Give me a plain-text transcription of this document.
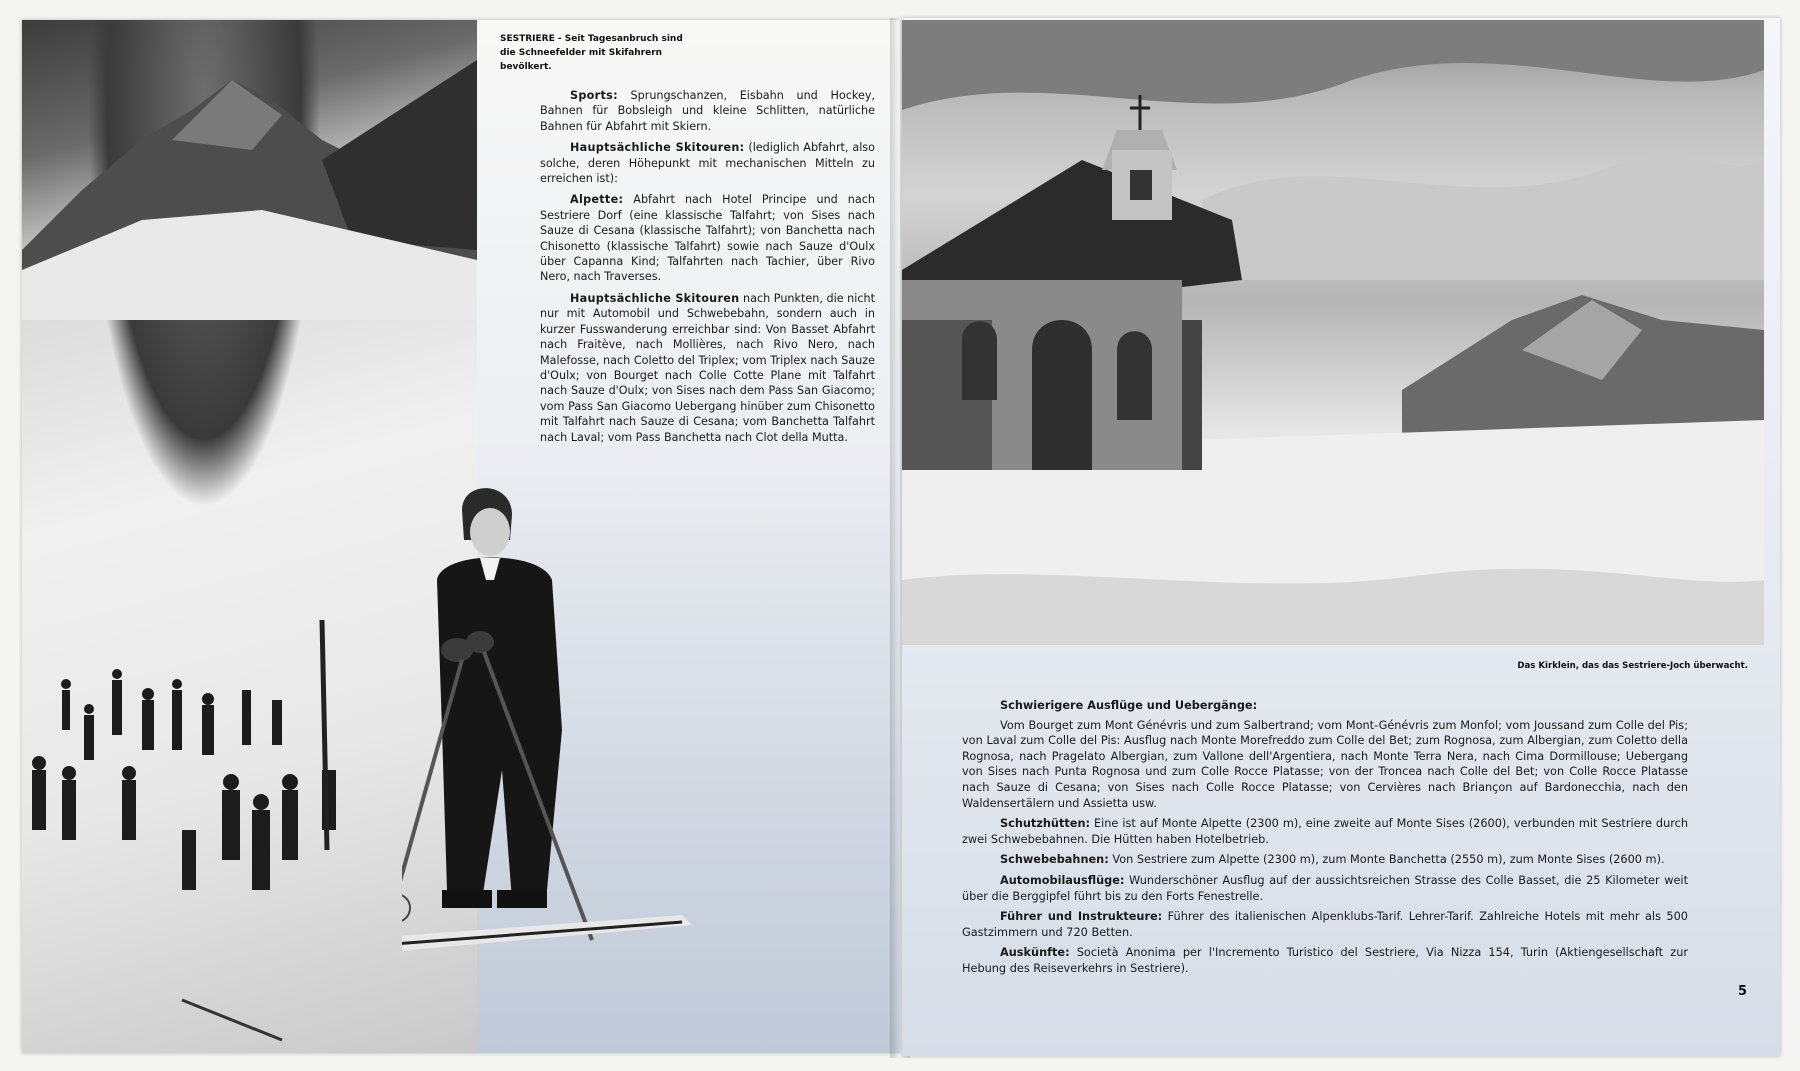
SESTRIERE - Seit Tagesanbruch sind die Schneefelder mit Skifahrern bevölkert.

Sports: Sprungschanzen, Eisbahn und Hockey, Bahnen für Bobsleigh und kleine Schlitten, natürliche Bahnen für Abfahrt mit Skiern.

Hauptsächliche Skitouren: (lediglich Abfahrt, also solche, deren Höhepunkt mit mechanischen Mitteln zu erreichen ist):

Alpette: Abfahrt nach Hotel Principe und nach Sestriere Dorf (eine klassische Talfahrt; von Sises nach Sauze di Cesana (klassische Talfahrt); von Banchetta nach Chisonetto (klassische Talfahrt) sowie nach Sauze d'Oulx über Capanna Kind; Talfahrten nach Tachier, über Rivo Nero, nach Traverses.

Hauptsächliche Skitouren nach Punkten, die nicht nur mit Automobil und Schwebebahn, sondern auch in kurzer Fusswanderung erreichbar sind: Von Basset Abfahrt nach Fraitève, nach Mollières, nach Rivo Nero, nach Malefosse, nach Coletto del Triplex; vom Triplex nach Sauze d'Oulx; von Bourget nach Colle Cotte Plane mit Talfahrt nach Sauze d'Oulx; von Sises nach dem Pass San Giacomo; vom Pass San Giacomo Uebergang hinüber zum Chisonetto mit Talfahrt nach Sauze di Cesana; vom Banchetta Talfahrt nach Laval; vom Pass Banchetta nach Clot della Mutta.

Das Kirklein, das das Sestriere-Joch überwacht.
Schwierigere Ausflüge und Uebergänge:

Vom Bourget zum Mont Génévris und zum Salbertrand; vom Mont-Génévris zum Monfol; vom Joussand zum Colle del Pis; von Laval zum Colle del Pis: Ausflug nach Monte Morefreddo zum Colle del Bet; zum Rognosa, zum Albergian, zum Coletto della Rognosa, nach Pragelato Albergian, zum Vallone dell'Argentiera, nach Monte Terra Nera, nach Cima Dormillouse; Uebergang von Sises nach Punta Rognosa und zum Colle Rocce Platasse; von der Troncea nach Colle del Bet; von Colle Rocce Platasse nach Sauze di Cesana; von Sises nach Colle Rocce Platasse; von Cervières nach Briançon auf Bardonecchia, nach den Waldensertälern und Assietta usw.

Schutzhütten: Eine ist auf Monte Alpette (2300 m), eine zweite auf Monte Sises (2600), verbunden mit Sestriere durch zwei Schwebebahnen. Die Hütten haben Hotelbetrieb.

Schwebebahnen: Von Sestriere zum Alpette (2300 m), zum Monte Banchetta (2550 m), zum Monte Sises (2600 m).

Automobilausflüge: Wunderschöner Ausflug auf der aussichtsreichen Strasse des Colle Basset, die 25 Kilometer weit über die Berggipfel führt bis zu den Forts Fenestrelle.

Führer und Instrukteure: Führer des italienischen Alpenklubs-Tarif. Lehrer-Tarif. Zahlreiche Hotels mit mehr als 500 Gastzimmern und 720 Betten.

Auskünfte: Società Anonima per l'Incremento Turistico del Sestriere, Via Nizza 154, Turin (Aktiengesellschaft zur Hebung des Reiseverkehrs in Sestriere).

5
